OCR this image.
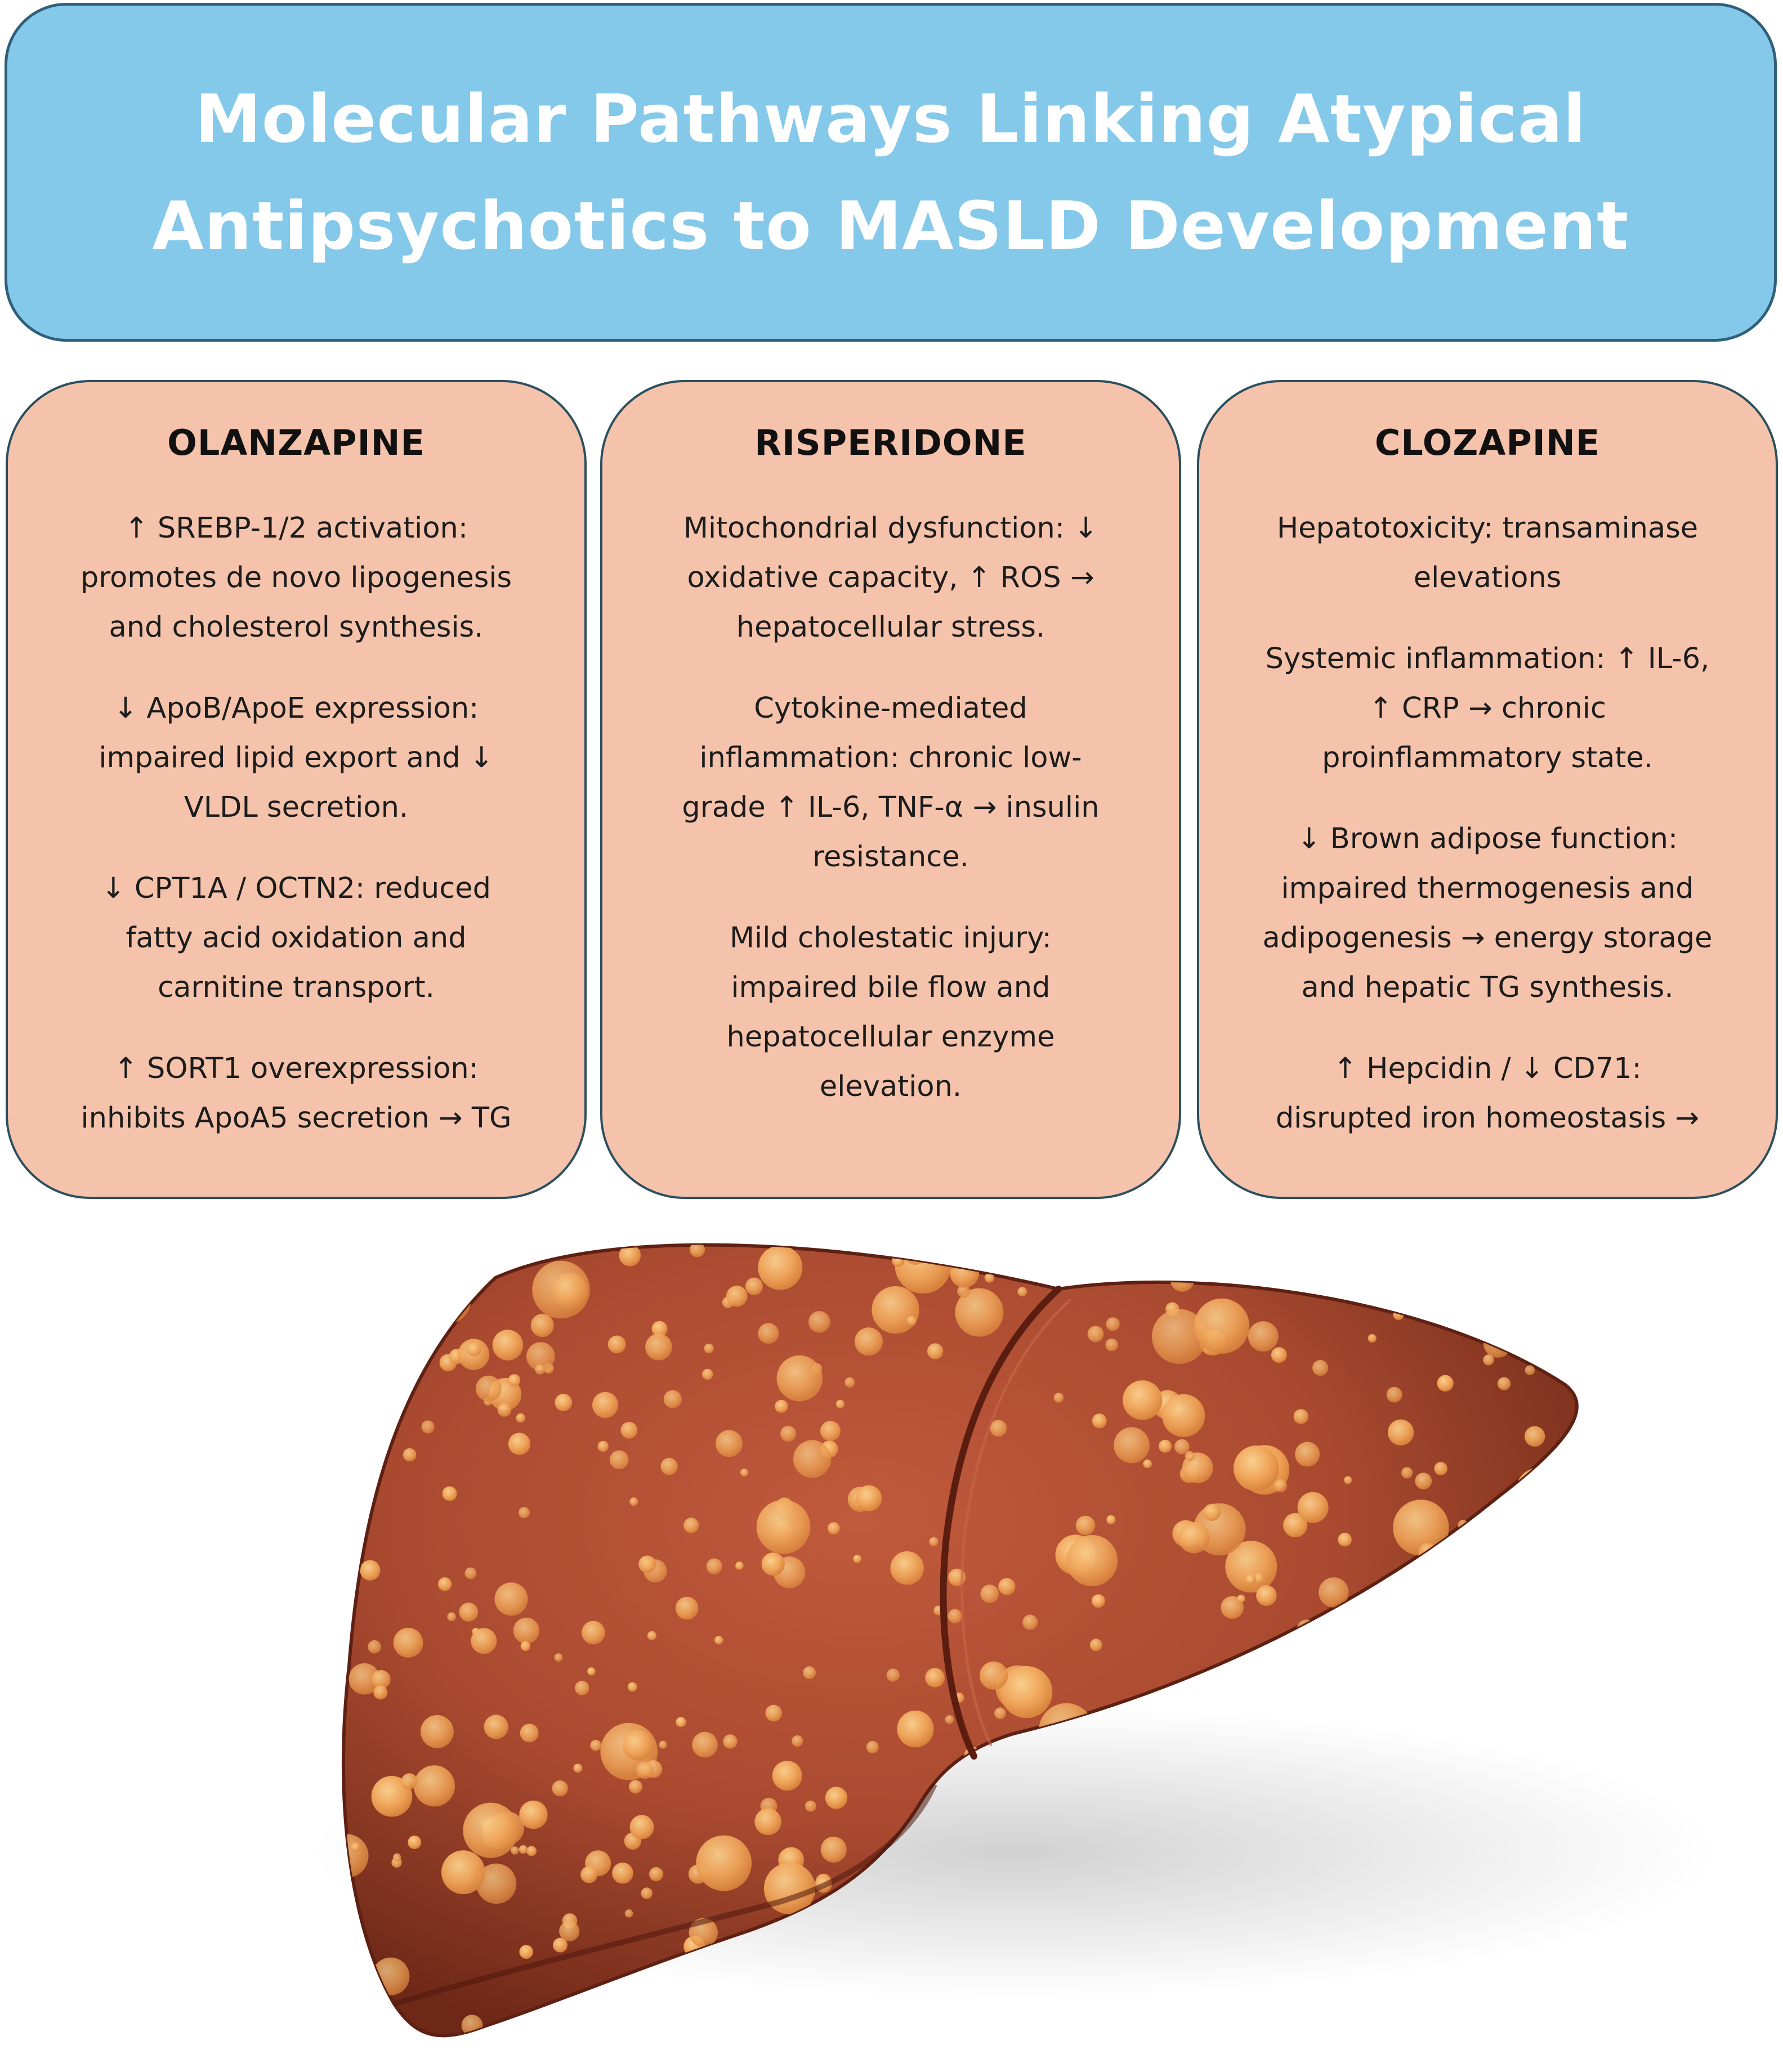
Molecular Pathways Linking Atypical
Antipsychotics to MASLD Development
OLANZAPINE
↑ SREBP-1/2 activation:
promotes de novo lipogenesis
and cholesterol synthesis.
↓ ApoB/ApoE expression:
impaired lipid export and ↓
VLDL secretion.
↓ CPT1A / OCTN2: reduced
fatty acid oxidation and
carnitine transport.
↑ SORT1 overexpression:
inhibits ApoA5 secretion → TG
RISPERIDONE
Mitochondrial dysfunction: ↓
oxidative capacity, ↑ ROS →
hepatocellular stress.
Cytokine-mediated
inflammation: chronic low-
grade ↑ IL-6, TNF-α → insulin
resistance.
Mild cholestatic injury:
impaired bile flow and
hepatocellular enzyme
elevation.
CLOZAPINE
Hepatotoxicity: transaminase
elevations
Systemic inflammation: ↑ IL-6,
↑ CRP → chronic
proinflammatory state.
↓ Brown adipose function:
impaired thermogenesis and
adipogenesis → energy storage
and hepatic TG synthesis.
↑ Hepcidin / ↓ CD71:
disrupted iron homeostasis →
